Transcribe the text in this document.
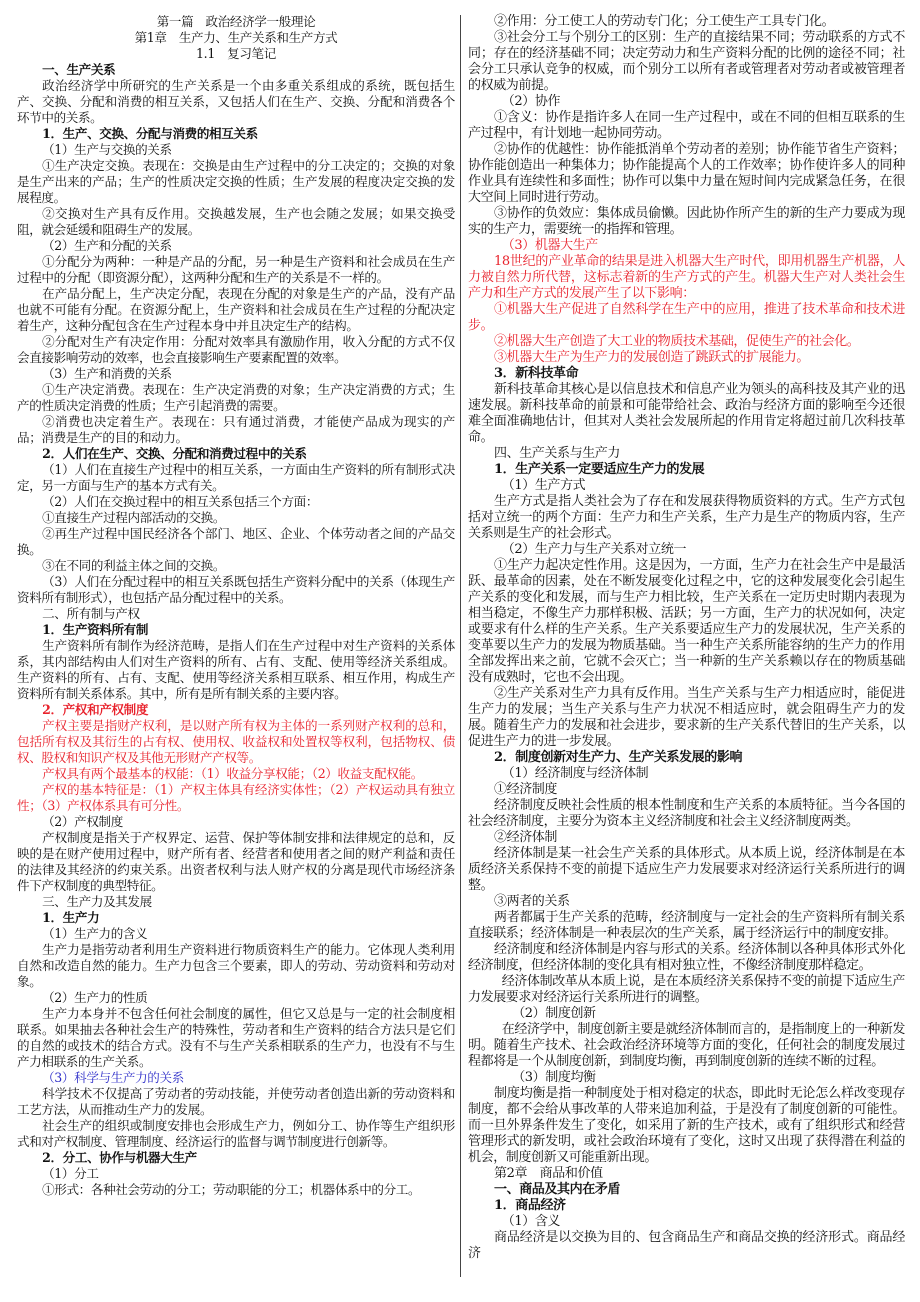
第一篇　政治经济学一般理论

第1章　生产力、生产关系和生产方式

1.1　复习笔记

一、生产关系

政治经济学中所研究的生产关系是一个由多重关系组成的系统，既包括生产、交换、分配和消费的相互关系，又包括人们在生产、交换、分配和消费各个环节中的关系。

1．生产、交换、分配与消费的相互关系

（1）生产与交换的关系

①生产决定交换。表现在：交换是由生产过程中的分工决定的；交换的对象是生产出来的产品；生产的性质决定交换的性质；生产发展的程度决定交换的发展程度。

②交换对生产具有反作用。交换越发展，生产也会随之发展；如果交换受阻，就会延缓和阻碍生产的发展。

（2）生产和分配的关系

①分配分为两种：一种是产品的分配，另一种是生产资料和社会成员在生产过程中的分配（即资源分配），这两种分配和生产的关系是不一样的。

在产品分配上，生产决定分配，表现在分配的对象是生产的产品，没有产品也就不可能有分配。在资源分配上，生产资料和社会成员在生产过程的分配决定着生产，这种分配包含在生产过程本身中并且决定生产的结构。

②分配对生产有决定作用：分配对效率具有激励作用，收入分配的方式不仅会直接影响劳动的效率，也会直接影响生产要素配置的效率。

（3）生产和消费的关系

①生产决定消费。表现在：生产决定消费的对象；生产决定消费的方式；生产的性质决定消费的性质；生产引起消费的需要。

②消费也决定着生产。表现在：只有通过消费，才能使产品成为现实的产品；消费是生产的目的和动力。

2．人们在生产、交换、分配和消费过程中的关系

（1）人们在直接生产过程中的相互关系，一方面由生产资料的所有制形式决定，另一方面与生产的基本方式有关。

（2）人们在交换过程中的相互关系包括三个方面：

①直接生产过程内部活动的交换。

②再生产过程中国民经济各个部门、地区、企业、个体劳动者之间的产品交换。

③在不同的利益主体之间的交换。

（3）人们在分配过程中的相互关系既包括生产资料分配中的关系（体现生产资料所有制形式），也包括产品分配过程中的关系。

二、所有制与产权

1．生产资料所有制

生产资料所有制作为经济范畴，是指人们在生产过程中对生产资料的关系体系，其内部结构由人们对生产资料的所有、占有、支配、使用等经济关系组成。生产资料的所有、占有、支配、使用等经济关系相互联系、相互作用，构成生产资料所有制关系体系。其中，所有是所有制关系的主要内容。

2．产权和产权制度

产权主要是指财产权利，是以财产所有权为主体的一系列财产权利的总和，包括所有权及其衍生的占有权、使用权、收益权和处置权等权利，包括物权、债权、股权和知识产权及其他无形财产产权等。

产权具有两个最基本的权能：（1）收益分享权能；（2）收益支配权能。

产权的基本特征是：（1）产权主体具有经济实体性；（2）产权运动具有独立性；（3）产权体系具有可分性。

（2）产权制度

产权制度是指关于产权界定、运营、保护等体制安排和法律规定的总和，反映的是在财产使用过程中，财产所有者、经营者和使用者之间的财产利益和责任的法律及其经济的约束关系。出资者权利与法人财产权的分离是现代市场经济条件下产权制度的典型特征。

三、生产力及其发展

1．生产力

（1）生产力的含义

生产力是指劳动者利用生产资料进行物质资料生产的能力。它体现人类利用自然和改造自然的能力。生产力包含三个要素，即人的劳动、劳动资料和劳动对象。

（2）生产力的性质

生产力本身并不包含任何社会制度的属性，但它又总是与一定的社会制度相联系。如果抽去各种社会生产的特殊性，劳动者和生产资料的结合方法只是它们的自然的或技术的结合方式。没有不与生产关系相联系的生产力，也没有不与生产力相联系的生产关系。

（3）科学与生产力的关系

科学技术不仅提高了劳动者的劳动技能，并使劳动者创造出新的劳动资料和工艺方法，从而推动生产力的发展。

社会生产的组织或制度安排也会形成生产力，例如分工、协作等生产组织形式和对产权制度、管理制度、经济运行的监督与调节制度进行创新等。

2．分工、协作与机器大生产

（1）分工

①形式：各种社会劳动的分工；劳动职能的分工；机器体系中的分工。

②作用：分工使工人的劳动专门化；分工使生产工具专门化。

③社会分工与个别分工的区别：生产的直接结果不同；劳动联系的方式不同；存在的经济基础不同；决定劳动力和生产资料分配的比例的途径不同；社会分工只承认竞争的权威，而个别分工以所有者或管理者对劳动者或被管理者的权威为前提。

（2）协作

①含义：协作是指许多人在同一生产过程中，或在不同的但相互联系的生产过程中，有计划地一起协同劳动。

②协作的优越性：协作能抵消单个劳动者的差别；协作能节省生产资料；协作能创造出一种集体力；协作能提高个人的工作效率；协作使许多人的同种作业具有连续性和多面性；协作可以集中力量在短时间内完成紧急任务，在很大空间上同时进行劳动。

③协作的负效应：集体成员偷懒。因此协作所产生的新的生产力要成为现实的生产力，需要统一的指挥和管理。

（3）机器大生产

18世纪的产业革命的结果是进入机器大生产时代，即用机器生产机器，人力被自然力所代替，这标志着新的生产方式的产生。机器大生产对人类社会生产力和生产方式的发展产生了以下影响：

①机器大生产促进了自然科学在生产中的应用，推进了技术革命和技术进步。

②机器大生产创造了大工业的物质技术基础，促使生产的社会化。

③机器大生产为生产力的发展创造了跳跃式的扩展能力。

3．新科技革命

新科技革命其核心是以信息技术和信息产业为领头的高科技及其产业的迅速发展。新科技革命的前景和可能带给社会、政治与经济方面的影响至今还很难全面准确地估计，但其对人类社会发展所起的作用肯定将超过前几次科技革命。

四、生产关系与生产力

1．生产关系一定要适应生产力的发展

（1）生产方式

生产方式是指人类社会为了存在和发展获得物质资料的方式。生产方式包括对立统一的两个方面：生产力和生产关系，生产力是生产的物质内容，生产关系则是生产的社会形式。

（2）生产力与生产关系对立统一

①生产力起决定性作用。这是因为，一方面，生产力在社会生产中是最活跃、最革命的因素，处在不断发展变化过程之中，它的这种发展变化会引起生产关系的变化和发展，而与生产力相比较，生产关系在一定历史时期内表现为相当稳定，不像生产力那样积极、活跃；另一方面，生产力的状况如何，决定或要求有什么样的生产关系。生产关系要适应生产力的发展状况，生产关系的变革要以生产力的发展为物质基础。当一种生产关系所能容纳的生产力的作用全部发挥出来之前，它就不会灭亡；当一种新的生产关系赖以存在的物质基础没有成熟时，它也不会出现。

②生产关系对生产力具有反作用。当生产关系与生产力相适应时，能促进生产力的发展；当生产关系与生产力状况不相适应时，就会阻碍生产力的发展。随着生产力的发展和社会进步，要求新的生产关系代替旧的生产关系，以促进生产力的进一步发展。

2．制度创新对生产力、生产关系发展的影响

（1）经济制度与经济体制

①经济制度

经济制度反映社会性质的根本性制度和生产关系的本质特征。当今各国的社会经济制度，主要分为资本主义经济制度和社会主义经济制度两类。

②经济体制

经济体制是某一社会生产关系的具体形式。从本质上说，经济体制是在本质经济关系保持不变的前提下适应生产力发展要求对经济运行关系所进行的调整。

③两者的关系

两者都属于生产关系的范畴，经济制度与一定社会的生产资料所有制关系直接联系；经济体制是一种表层次的生产关系，属于经济运行中的制度安排。

经济制度和经济体制是内容与形式的关系。经济体制以各种具体形式外化经济制度，但经济体制的变化具有相对独立性，不像经济制度那样稳定。

经济体制改革从本质上说，是在本质经济关系保持不变的前提下适应生产力发展要求对经济运行关系所进行的调整。

（2）制度创新

在经济学中，制度创新主要是就经济体制而言的，是指制度上的一种新发明。随着生产技术、社会政治经济环境等方面的变化，任何社会的制度发展过程都将是一个从制度创新，到制度均衡，再到制度创新的连续不断的过程。

（3）制度均衡

制度均衡是指一种制度处于相对稳定的状态，即此时无论怎么样改变现存制度，都不会给从事改革的人带来追加利益，于是没有了制度创新的可能性。而一旦外界条件发生了变化，如采用了新的生产技术，或有了组织形式和经营管理形式的新发明，或社会政治环境有了变化，这时又出现了获得潜在利益的机会，制度创新又可能重新出现。

第2章　商品和价值

一、商品及其内在矛盾

1．商品经济

（1）含义

商品经济是以交换为目的、包含商品生产和商品交换的经济形式。商品经济
